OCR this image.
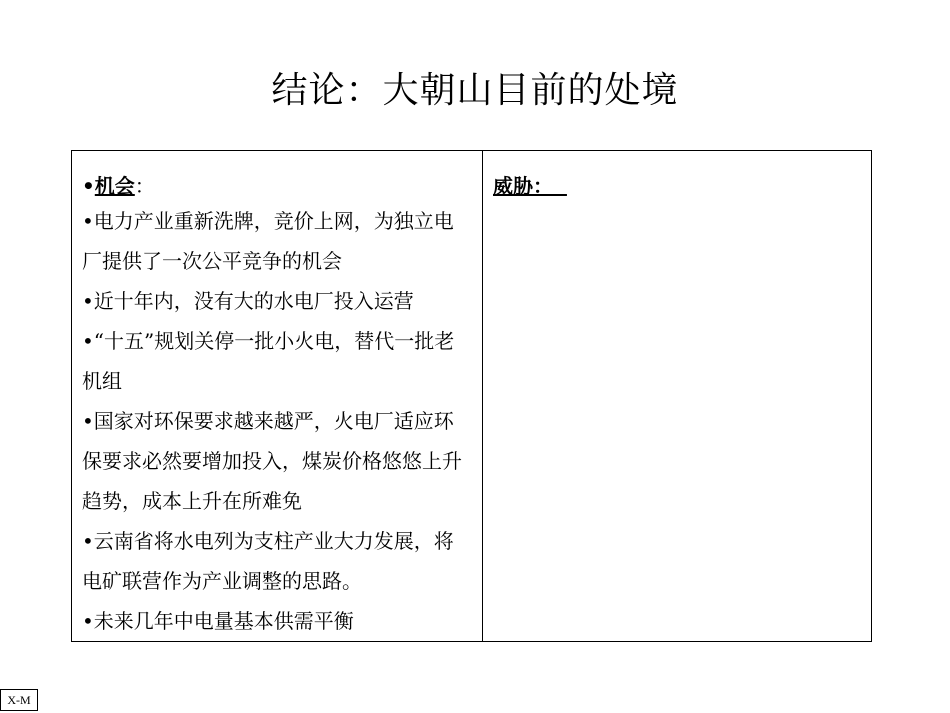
结论：大朝山目前的处境
•机会：
•电力产业重新洗牌，竞价上网，为独立电厂提供了一次公平竞争的机会
•近十年内，没有大的水电厂投入运营
•“十五”规划关停一批小火电，替代一批老机组
•国家对环保要求越来越严，火电厂适应环保要求必然要增加投入，煤炭价格悠悠上升趋势，成本上升在所难免
•云南省将水电列为支柱产业大力发展，将电矿联营作为产业调整的思路。
•未来几年中电量基本供需平衡
威胁：
X-M
